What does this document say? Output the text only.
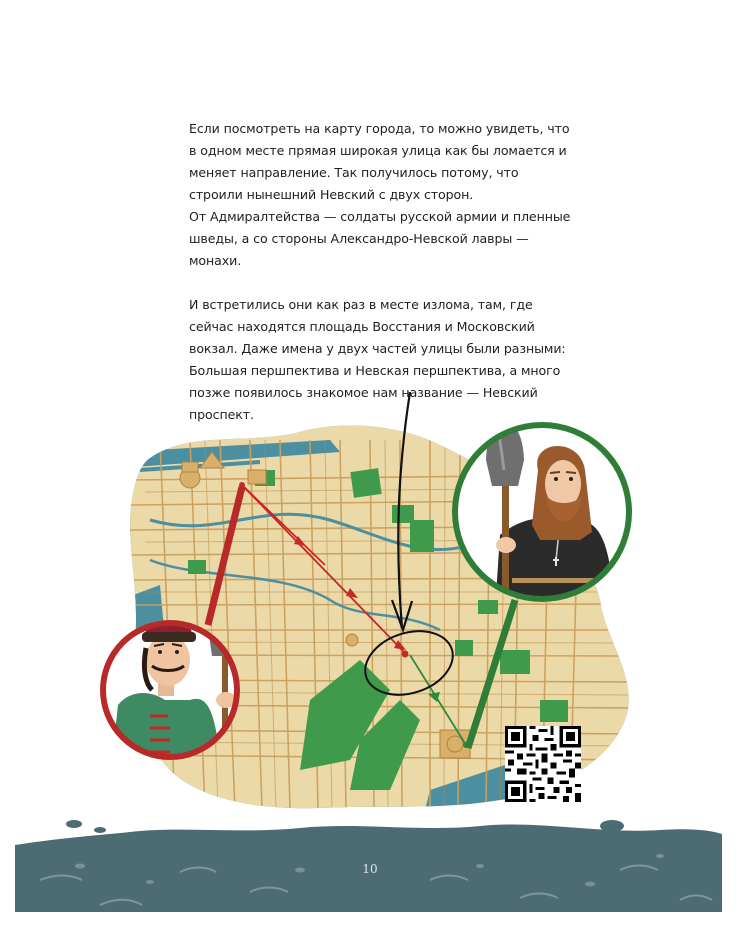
Если посмотреть на карту города, то можно увидеть, что
в одном месте прямая широкая улица как бы ломается и
меняет направление. Так получилось потому, что
строили нынешний Невский с двух сторон.
От Адмиралтейства — солдаты русской армии и пленные
шведы, а со стороны Александро-Невской лавры —
монахи.
И встретились они как раз в месте излома, там, где
сейчас находятся площадь Восстания и Московский
вокзал. Даже имена у двух частей улицы были разными:
Большая першпектива и Невская першпектива, а много
позже появилось знакомое нам название — Невский
проспект.
10
